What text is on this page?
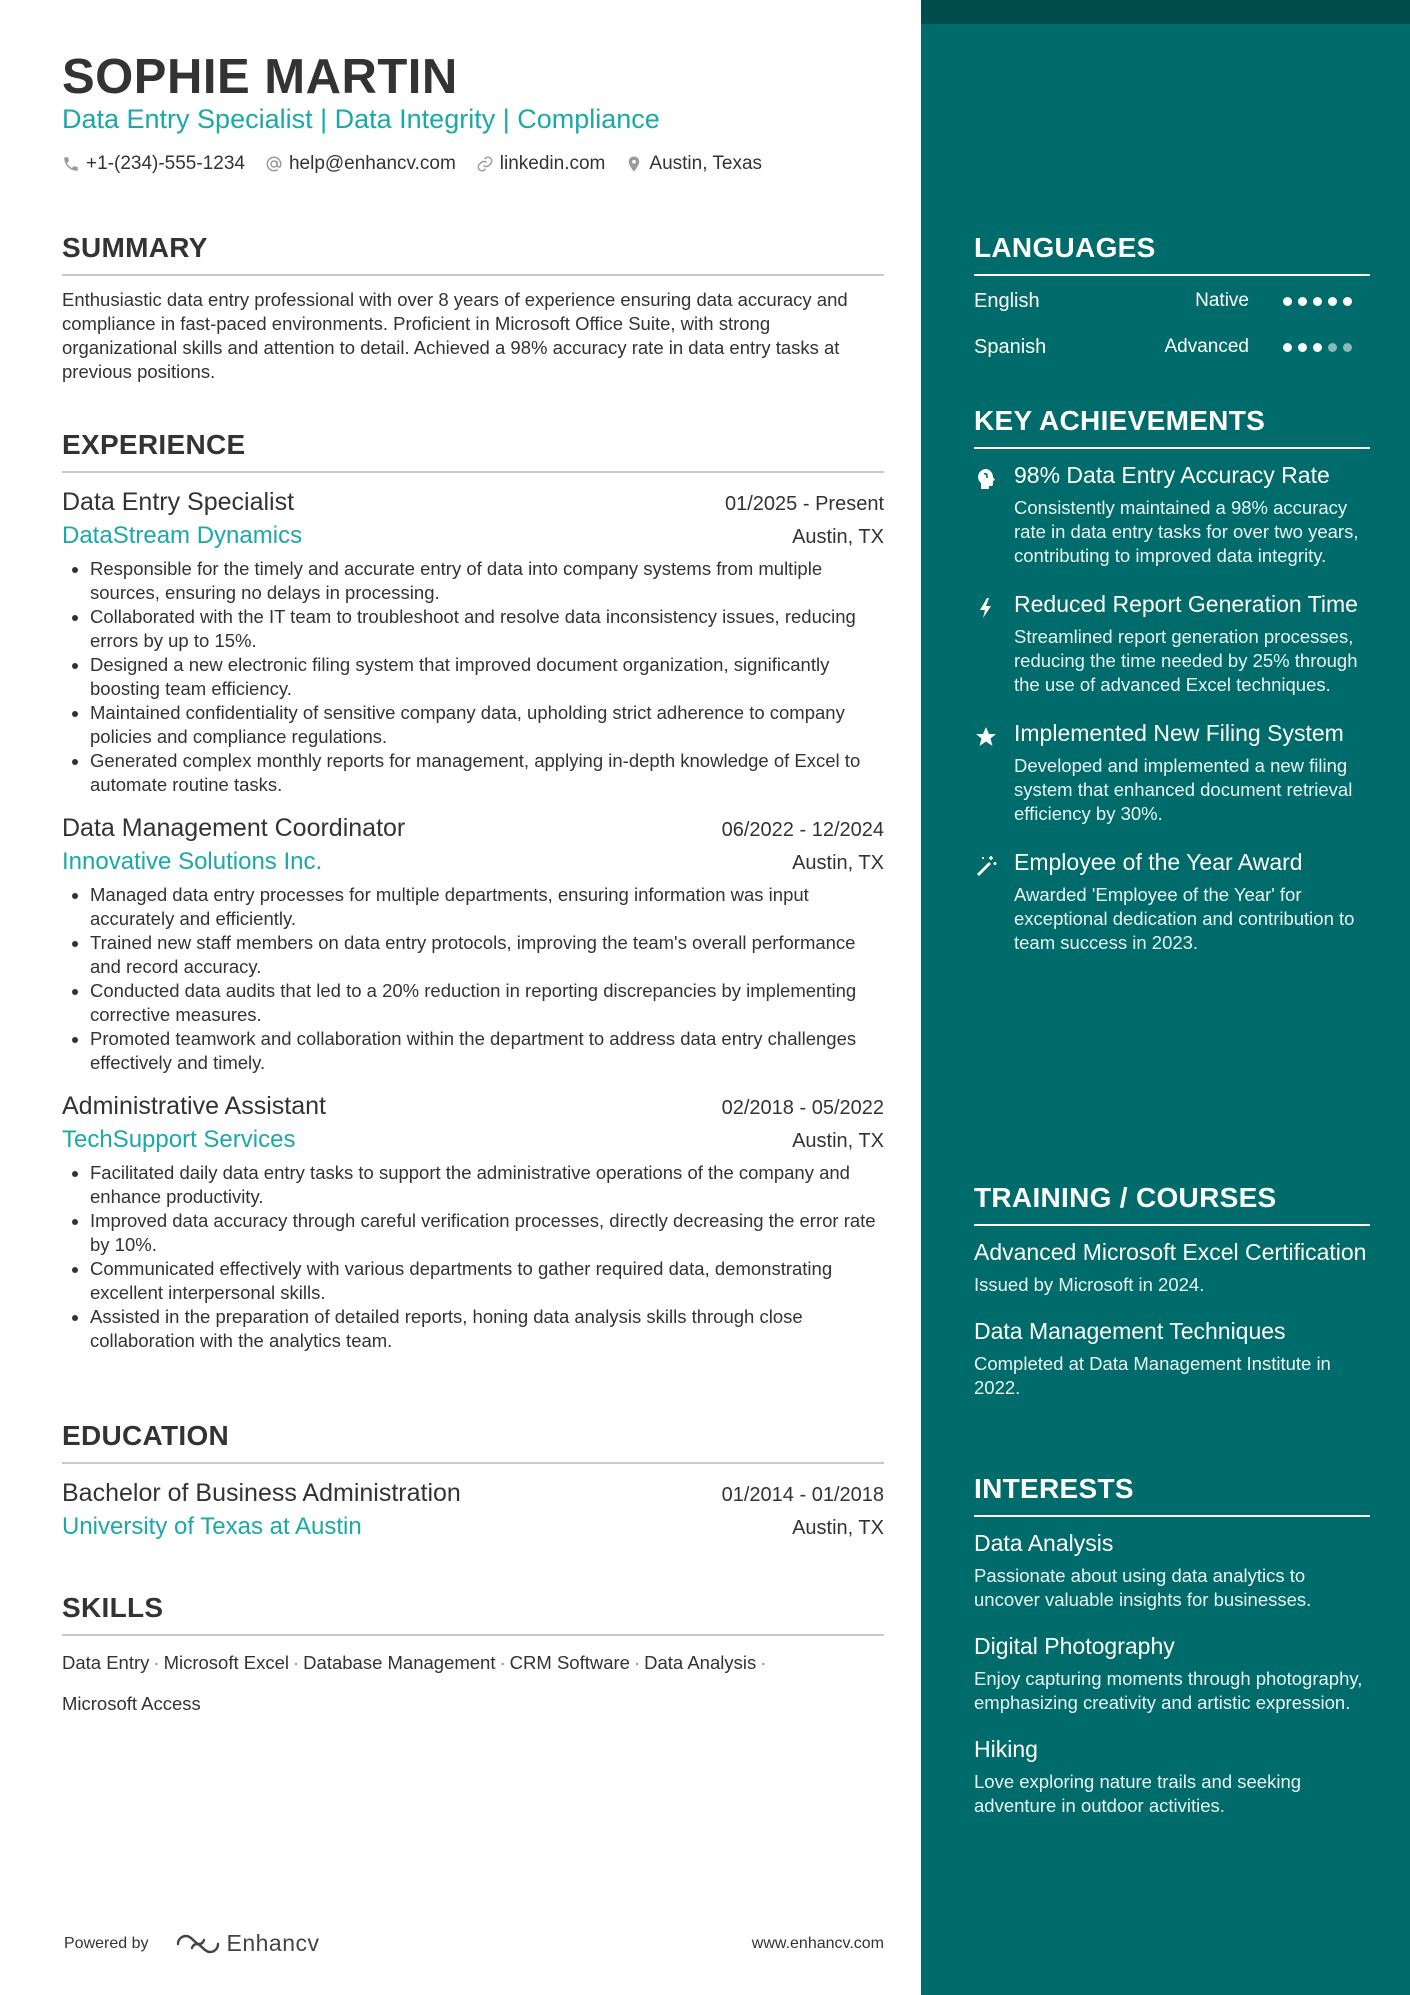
SOPHIE MARTIN
Data Entry Specialist | Data Integrity | Compliance
+1-(234)-555-1234 help@enhancv.com linkedin.com Austin, Texas
SUMMARY

Enthusiastic data entry professional with over 8 years of experience ensuring data accuracy and compliance in fast-paced environments. Proficient in Microsoft Office Suite, with strong organizational skills and attention to detail. Achieved a 98% accuracy rate in data entry tasks at previous positions.

EXPERIENCE
Data Entry Specialist	01/2025 - Present
DataStream Dynamics	Austin, TX
• Responsible for the timely and accurate entry of data into company systems from multiple sources, ensuring no delays in processing.
• Collaborated with the IT team to troubleshoot and resolve data inconsistency issues, reducing errors by up to 15%.
• Designed a new electronic filing system that improved document organization, significantly boosting team efficiency.
• Maintained confidentiality of sensitive company data, upholding strict adherence to company policies and compliance regulations.
• Generated complex monthly reports for management, applying in-depth knowledge of Excel to automate routine tasks.
Data Management Coordinator	06/2022 - 12/2024
Innovative Solutions Inc.	Austin, TX
• Managed data entry processes for multiple departments, ensuring information was input accurately and efficiently.
• Trained new staff members on data entry protocols, improving the team's overall performance and record accuracy.
• Conducted data audits that led to a 20% reduction in reporting discrepancies by implementing corrective measures.
• Promoted teamwork and collaboration within the department to address data entry challenges effectively and timely.
Administrative Assistant	02/2018 - 05/2022
TechSupport Services	Austin, TX
• Facilitated daily data entry tasks to support the administrative operations of the company and enhance productivity.
• Improved data accuracy through careful verification processes, directly decreasing the error rate by 10%.
• Communicated effectively with various departments to gather required data, demonstrating excellent interpersonal skills.
• Assisted in the preparation of detailed reports, honing data analysis skills through close collaboration with the analytics team.
EDUCATION
Bachelor of Business Administration	01/2014 - 01/2018
University of Texas at Austin	Austin, TX
SKILLS
Data Entry · Microsoft Excel · Database Management · CRM Software · Data Analysis ·
Microsoft Access
Powered by	Enhancv	www.enhancv.com
LANGUAGES
English	Native
Spanish	Advanced
KEY ACHIEVEMENTS
98% Data Entry Accuracy Rate
Consistently maintained a 98% accuracy rate in data entry tasks for over two years, contributing to improved data integrity.
Reduced Report Generation Time
Streamlined report generation processes, reducing the time needed by 25% through the use of advanced Excel techniques.
Implemented New Filing System
Developed and implemented a new filing system that enhanced document retrieval efficiency by 30%.
Employee of the Year Award
Awarded 'Employee of the Year' for exceptional dedication and contribution to team success in 2023.
TRAINING / COURSES
Advanced Microsoft Excel Certification
Issued by Microsoft in 2024.
Data Management Techniques
Completed at Data Management Institute in 2022.
INTERESTS
Data Analysis
Passionate about using data analytics to uncover valuable insights for businesses.
Digital Photography
Enjoy capturing moments through photography, emphasizing creativity and artistic expression.
Hiking
Love exploring nature trails and seeking adventure in outdoor activities.
